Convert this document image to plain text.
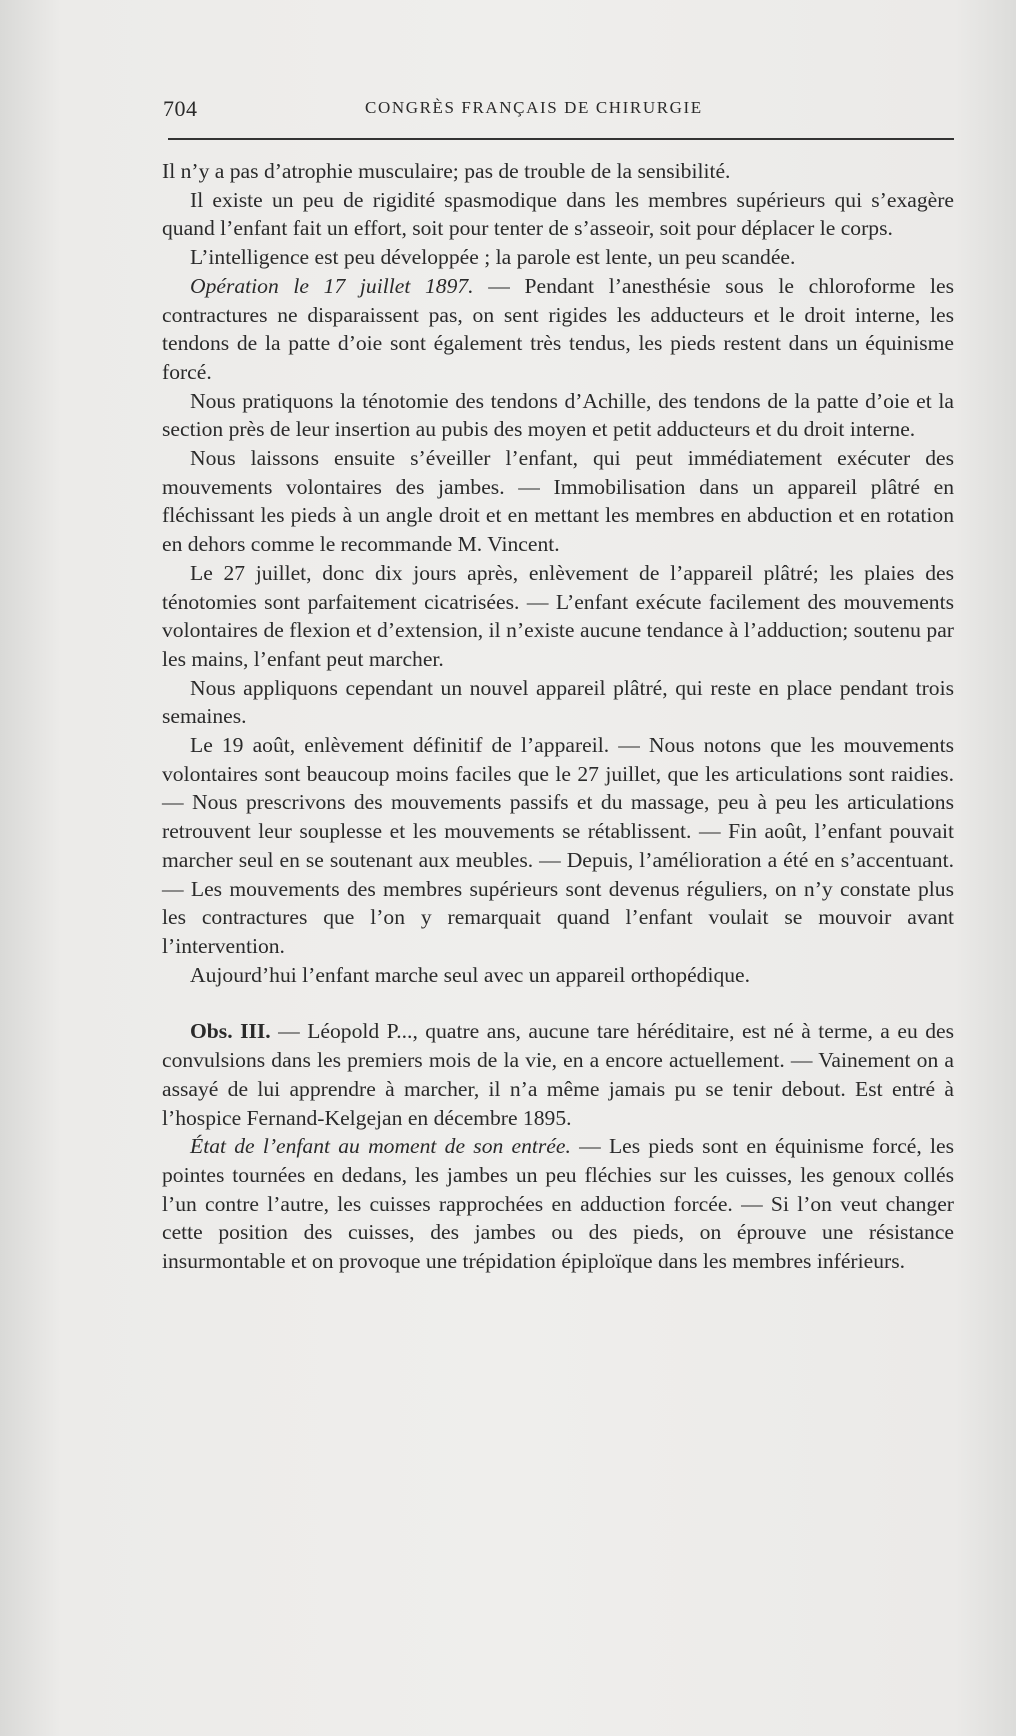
704	CONGRÈS FRANÇAIS DE CHIRURGIE

Il n’y a pas d’atrophie musculaire; pas de trouble de la sensibilité.

Il existe un peu de rigidité spasmodique dans les membres supérieurs qui s’exagère quand l’enfant fait un effort, soit pour tenter de s’asseoir, soit pour déplacer le corps.

L’intelligence est peu développée ; la parole est lente, un peu scandée.

Opération le 17 juillet 1897. — Pendant l’anesthésie sous le chloroforme les contractures ne disparaissent pas, on sent rigides les adducteurs et le droit interne, les tendons de la patte d’oie sont également très tendus, les pieds restent dans un équinisme forcé.

Nous pratiquons la ténotomie des tendons d’Achille, des tendons de la patte d’oie et la section près de leur insertion au pubis des moyen et petit adducteurs et du droit interne.

Nous laissons ensuite s’éveiller l’enfant, qui peut immédiatement exécuter des mouvements volontaires des jambes. — Immobilisation dans un appareil plâtré en fléchissant les pieds à un angle droit et en mettant les membres en abduction et en rotation en dehors comme le recommande M. Vincent.

Le 27 juillet, donc dix jours après, enlèvement de l’appareil plâtré; les plaies des ténotomies sont parfaitement cicatrisées. — L’enfant exécute facilement des mouvements volontaires de flexion et d’extension, il n’existe aucune tendance à l’adduction; soutenu par les mains, l’enfant peut marcher.

Nous appliquons cependant un nouvel appareil plâtré, qui reste en place pendant trois semaines.

Le 19 août, enlèvement définitif de l’appareil. — Nous notons que les mouvements volontaires sont beaucoup moins faciles que le 27 juillet, que les articulations sont raidies. — Nous prescrivons des mouvements passifs et du massage, peu à peu les articulations retrouvent leur souplesse et les mouvements se rétablissent. — Fin août, l’enfant pouvait marcher seul en se soutenant aux meubles. — Depuis, l’amélioration a été en s’accentuant. — Les mouvements des membres supérieurs sont devenus réguliers, on n’y constate plus les contractures que l’on y remarquait quand l’enfant voulait se mouvoir avant l’intervention.

Aujourd’hui l’enfant marche seul avec un appareil orthopédique.

Obs. III. — Léopold P..., quatre ans, aucune tare héréditaire, est né à terme, a eu des convulsions dans les premiers mois de la vie, en a encore actuellement. — Vainement on a assayé de lui apprendre à marcher, il n’a même jamais pu se tenir debout. Est entré à l’hospice Fernand-Kelgejan en décembre 1895.

État de l’enfant au moment de son entrée. — Les pieds sont en équinisme forcé, les pointes tournées en dedans, les jambes un peu fléchies sur les cuisses, les genoux collés l’un contre l’autre, les cuisses rapprochées en adduction forcée. — Si l’on veut changer cette position des cuisses, des jambes ou des pieds, on éprouve une résistance insurmontable et on provoque une trépidation épiploïque dans les membres inférieurs.
